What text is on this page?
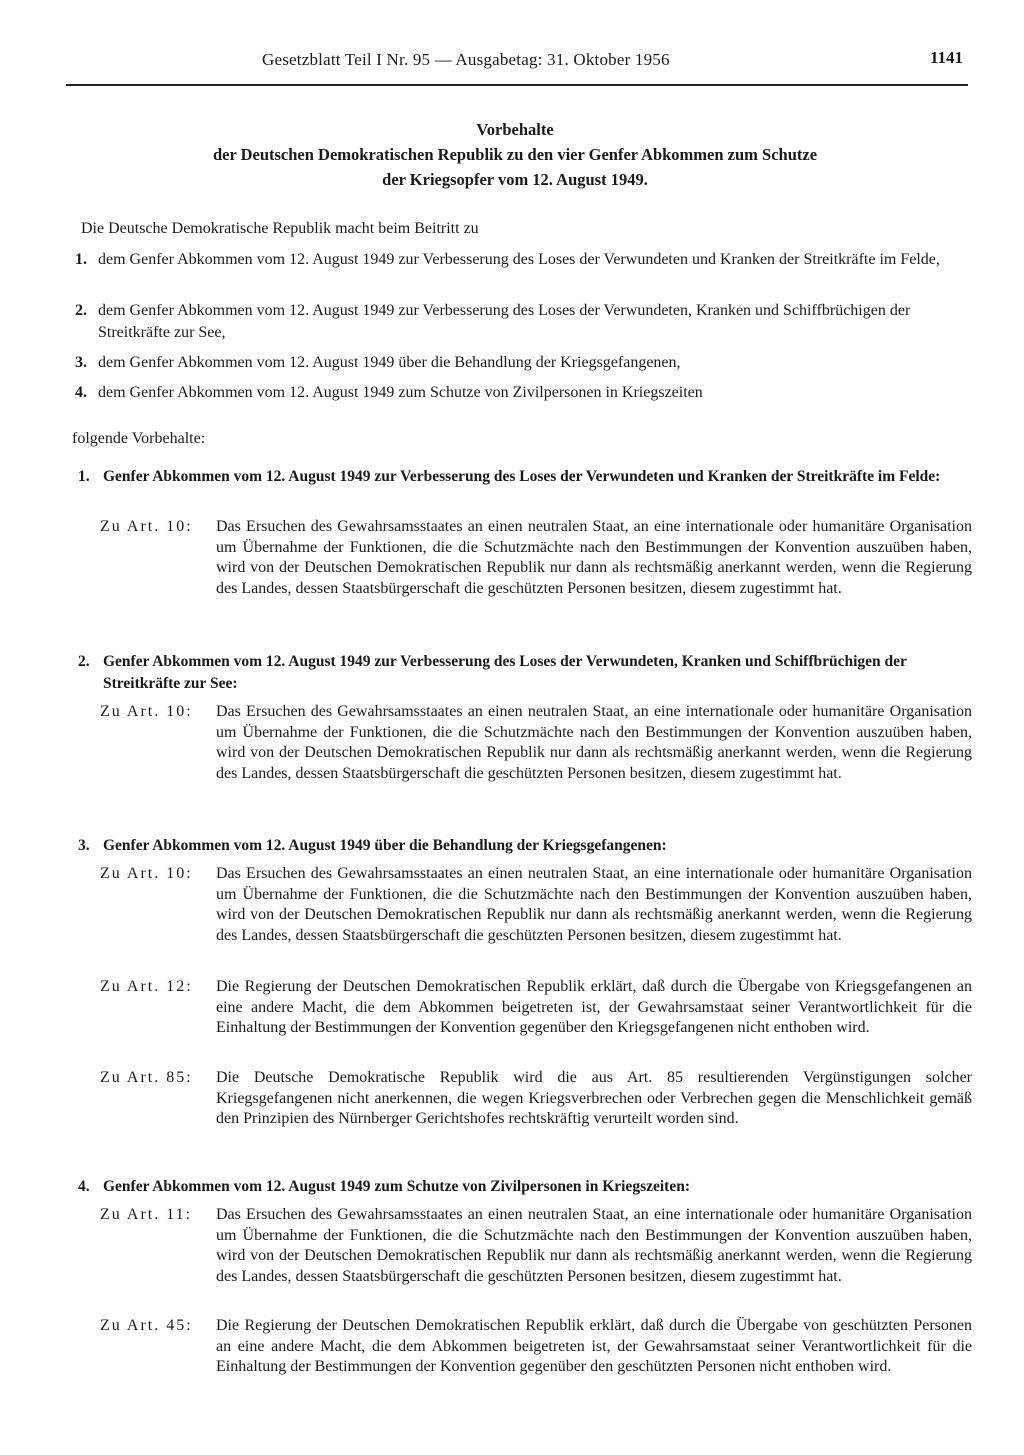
Gesetzblatt Teil I Nr. 95 — Ausgabetag: 31. Oktober 1956	1141
Vorbehalte
der Deutschen Demokratischen Republik zu den vier Genfer Abkommen zum Schutze
der Kriegsopfer vom 12. August 1949.
Die Deutsche Demokratische Republik macht beim Beitritt zu
1. dem Genfer Abkommen vom 12. August 1949 zur Verbesserung des Loses der Verwundeten und Kranken der Streitkräfte im Felde,
2. dem Genfer Abkommen vom 12. August 1949 zur Verbesserung des Loses der Verwundeten, Kranken und Schiffbrüchigen der Streitkräfte zur See,
3. dem Genfer Abkommen vom 12. August 1949 über die Behandlung der Kriegsgefangenen,
4. dem Genfer Abkommen vom 12. August 1949 zum Schutze von Zivilpersonen in Kriegszeiten
folgende Vorbehalte:
1. Genfer Abkommen vom 12. August 1949 zur Verbesserung des Loses der Verwundeten und Kranken der Streitkräfte im Felde:
Zu Art. 10:	Das Ersuchen des Gewahrsamsstaates an einen neutralen Staat, an eine internationale oder humanitäre Organisation um Übernahme der Funktionen, die die Schutzmächte nach den Bestimmungen der Konvention auszuüben haben, wird von der Deutschen Demokratischen Republik nur dann als rechtsmäßig anerkannt werden, wenn die Regierung des Landes, dessen Staatsbürgerschaft die geschützten Personen besitzen, diesem zugestimmt hat.
2. Genfer Abkommen vom 12. August 1949 zur Verbesserung des Loses der Verwundeten, Kranken und Schiffbrüchigen der Streitkräfte zur See:
Zu Art. 10:	Das Ersuchen des Gewahrsamsstaates an einen neutralen Staat, an eine internationale oder humanitäre Organisation um Übernahme der Funktionen, die die Schutzmächte nach den Bestimmungen der Konvention auszuüben haben, wird von der Deutschen Demokratischen Republik nur dann als rechtsmäßig anerkannt werden, wenn die Regierung des Landes, dessen Staatsbürgerschaft die geschützten Personen besitzen, diesem zugestimmt hat.
3. Genfer Abkommen vom 12. August 1949 über die Behandlung der Kriegsgefangenen:
Zu Art. 10:	Das Ersuchen des Gewahrsamsstaates an einen neutralen Staat, an eine internationale oder humanitäre Organisation um Übernahme der Funktionen, die die Schutzmächte nach den Bestimmungen der Konvention auszuüben haben, wird von der Deutschen Demokratischen Republik nur dann als rechtsmäßig anerkannt werden, wenn die Regierung des Landes, dessen Staatsbürgerschaft die geschützten Personen besitzen, diesem zugestimmt hat.
Zu Art. 12:	Die Regierung der Deutschen Demokratischen Republik erklärt, daß durch die Übergabe von Kriegsgefangenen an eine andere Macht, die dem Abkommen beigetreten ist, der Gewahrsamstaat seiner Verantwortlichkeit für die Einhaltung der Bestimmungen der Konvention gegenüber den Kriegsgefangenen nicht enthoben wird.
Zu Art. 85:	Die Deutsche Demokratische Republik wird die aus Art. 85 resultierenden Vergünstigungen solcher Kriegsgefangenen nicht anerkennen, die wegen Kriegsverbrechen oder Verbrechen gegen die Menschlichkeit gemäß den Prinzipien des Nürnberger Gerichtshofes rechtskräftig verurteilt worden sind.
4. Genfer Abkommen vom 12. August 1949 zum Schutze von Zivilpersonen in Kriegszeiten:
Zu Art. 11:	Das Ersuchen des Gewahrsamsstaates an einen neutralen Staat, an eine internationale oder humanitäre Organisation um Übernahme der Funktionen, die die Schutzmächte nach den Bestimmungen der Konvention auszuüben haben, wird von der Deutschen Demokratischen Republik nur dann als rechtsmäßig anerkannt werden, wenn die Regierung des Landes, dessen Staatsbürgerschaft die geschützten Personen besitzen, diesem zugestimmt hat.
Zu Art. 45:	Die Regierung der Deutschen Demokratischen Republik erklärt, daß durch die Übergabe von geschützten Personen an eine andere Macht, die dem Abkommen beigetreten ist, der Gewahrsamstaat seiner Verantwortlichkeit für die Einhaltung der Bestimmungen der Konvention gegenüber den geschützten Personen nicht enthoben wird.
